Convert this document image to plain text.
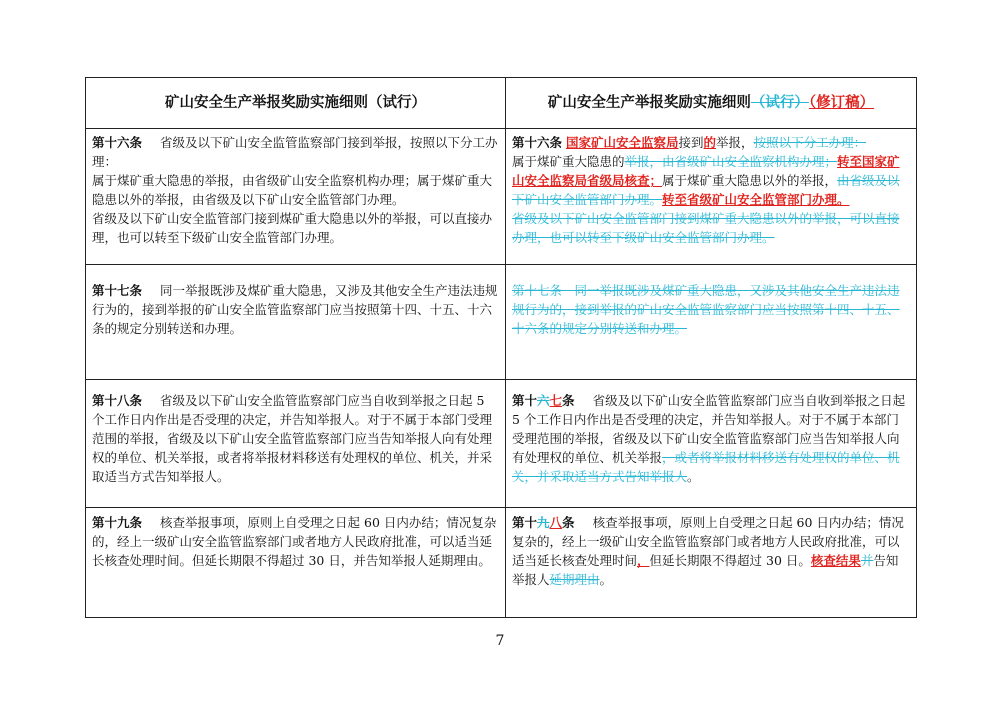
矿山安全生产举报奖励实施细则（试行）	矿山安全生产举报奖励实施细则（试行）（修订稿）
第十六条 省级及以下矿山安全监管监察部门接到举报，按照以下分工办理：
属于煤矿重大隐患的举报，由省级矿山安全监察机构办理；属于煤矿重大隐患以外的举报，由省级及以下矿山安全监管部门办理。
省级及以下矿山安全监管部门接到煤矿重大隐患以外的举报，可以直接办理，也可以转至下级矿山安全监管部门办理。	第十六条​ 国家矿山安全监察局接到的举报，按照以下分工办理：
属于煤矿重大隐患的举报，由省级矿山安全监察机构办理；转至国家矿山安全监察局省级局核查；属于煤矿重大隐患以外的举报，由省级及以下矿山安全监管部门办理。转至省级矿山安全监管部门办理。
省级及以下矿山安全监管部门接到煤矿重大隐患以外的举报，可以直接办理，也可以转至下级矿山安全监管部门办理。

第十七条 同一举报既涉及煤矿重大隐患，又涉及其他安全生产违法违规行为的，接到举报的矿山安全监管监察部门应当按照第十四、十五、十六条的规定分别转送和办理。	第十七条　同一举报既涉及煤矿重大隐患，又涉及其他安全生产违法违规行为的，接到举报的矿山安全监管监察部门应当按照第十四、十五、十六条的规定分别转送和办理。
第十八条 省级及以下矿山安全监管监察部门应当自收到举报之日起 5 个工作日内作出是否受理的决定，并告知举报人。对于不属于本部门受理范围的举报，省级及以下矿山安全监管监察部门应当告知举报人向有处理权的单位、机关举报，或者将举报材料移送有处理权的单位、机关，并采取适当方式告知举报人。	第十六七条 省级及以下矿山安全监管监察部门应当自收到举报之日起 5 个工作日内作出是否受理的决定，并告知举报人。对于不属于本部门受理范围的举报，省级及以下矿山安全监管监察部门应当告知举报人向有处理权的单位、机关举报，或者将举报材料移送有处理权的单位、机关，并采取适当方式告知举报人。
第十九条 核查举报事项，原则上自受理之日起 60 日内办结；情况复杂的，经上一级矿山安全监管监察部门或者地方人民政府批准，可以适当延长核查处理时间。但延长期限不得超过 30 日，并告知举报人延期理由。	第十九八条 核查举报事项，原则上自受理之日起 60 日内办结；情况复杂的，经上一级矿山安全监管监察部门或者地方人民政府批准，可以适当延长核查处理时间，但延长期限不得超过 30 日。核查结果并告知举报人延期理由。
7
